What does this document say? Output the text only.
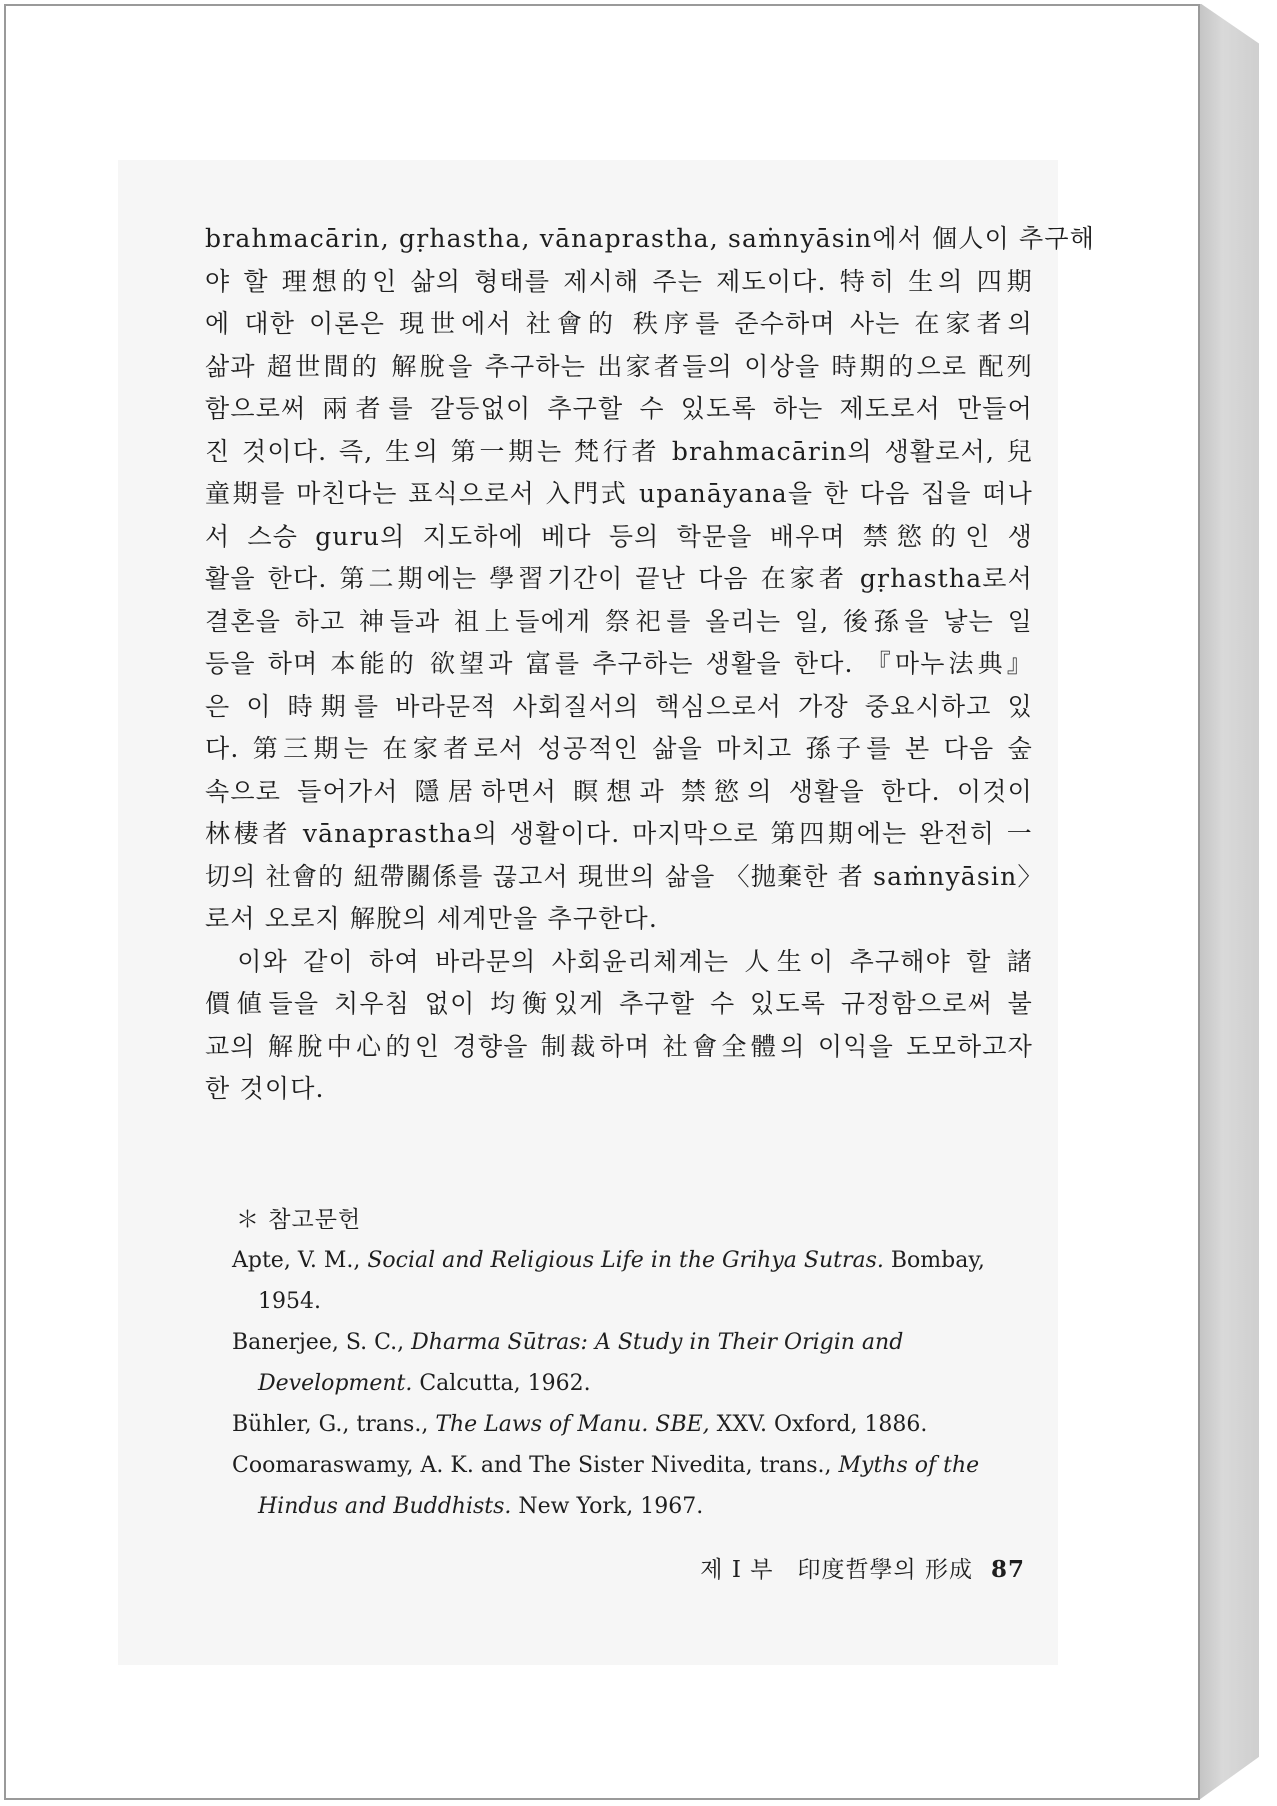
brahmacārin, gṛhastha, vānaprastha, saṁnyāsin에서 個人이 추구해
야 할 理想的인 삶의 형태를 제시해 주는 제도이다. 特히 生의 四期
에 대한 이론은 現世에서 社會的 秩序를 준수하며 사는 在家者의
삶과 超世間的 解脫을 추구하는 出家者들의 이상을 時期的으로 配列
함으로써 兩者를 갈등없이 추구할 수 있도록 하는 제도로서 만들어
진 것이다. 즉, 生의 第一期는 梵行者 brahmacārin의 생활로서, 兒
童期를 마친다는 표식으로서 入門式 upanāyana을 한 다음 집을 떠나
서 스승 guru의 지도하에 베다 등의 학문을 배우며 禁慾的인 생
활을 한다. 第二期에는 學習기간이 끝난 다음 在家者 gṛhastha로서
결혼을 하고 神들과 祖上들에게 祭祀를 올리는 일, 後孫을 낳는 일
등을 하며 本能的 欲望과 富를 추구하는 생활을 한다. 『마누法典』
은 이 時期를 바라문적 사회질서의 핵심으로서 가장 중요시하고 있
다. 第三期는 在家者로서 성공적인 삶을 마치고 孫子를 본 다음 숲
속으로 들어가서 隱居하면서 瞑想과 禁慾의 생활을 한다. 이것이
林棲者 vānaprastha의 생활이다. 마지막으로 第四期에는 완전히 一
切의 社會的 紐帶關係를 끊고서 現世의 삶을 〈抛棄한 者 saṁnyāsin〉
로서 오로지 解脫의 세계만을 추구한다.
　이와 같이 하여 바라문의 사회윤리체계는 人生이 추구해야 할 諸
價値들을 치우침 없이 均衡있게 추구할 수 있도록 규정함으로써 불
교의 解脫中心的인 경향을 制裁하며 社會全體의 이익을 도모하고자
한 것이다.
＊ 참고문헌
Apte, V. M., Social and Religious Life in the Grihya Sutras. Bombay, 1954.
Banerjee, S. C., Dharma Sūtras: A Study in Their Origin and Development. Calcutta, 1962.
Bühler, G., trans., The Laws of Manu. SBE, XXV. Oxford, 1886.
Coomaraswamy, A. K. and The Sister Nivedita, trans., Myths of the Hindus and Buddhists. New York, 1967.
제 I 부　印度哲學의 形成 87
